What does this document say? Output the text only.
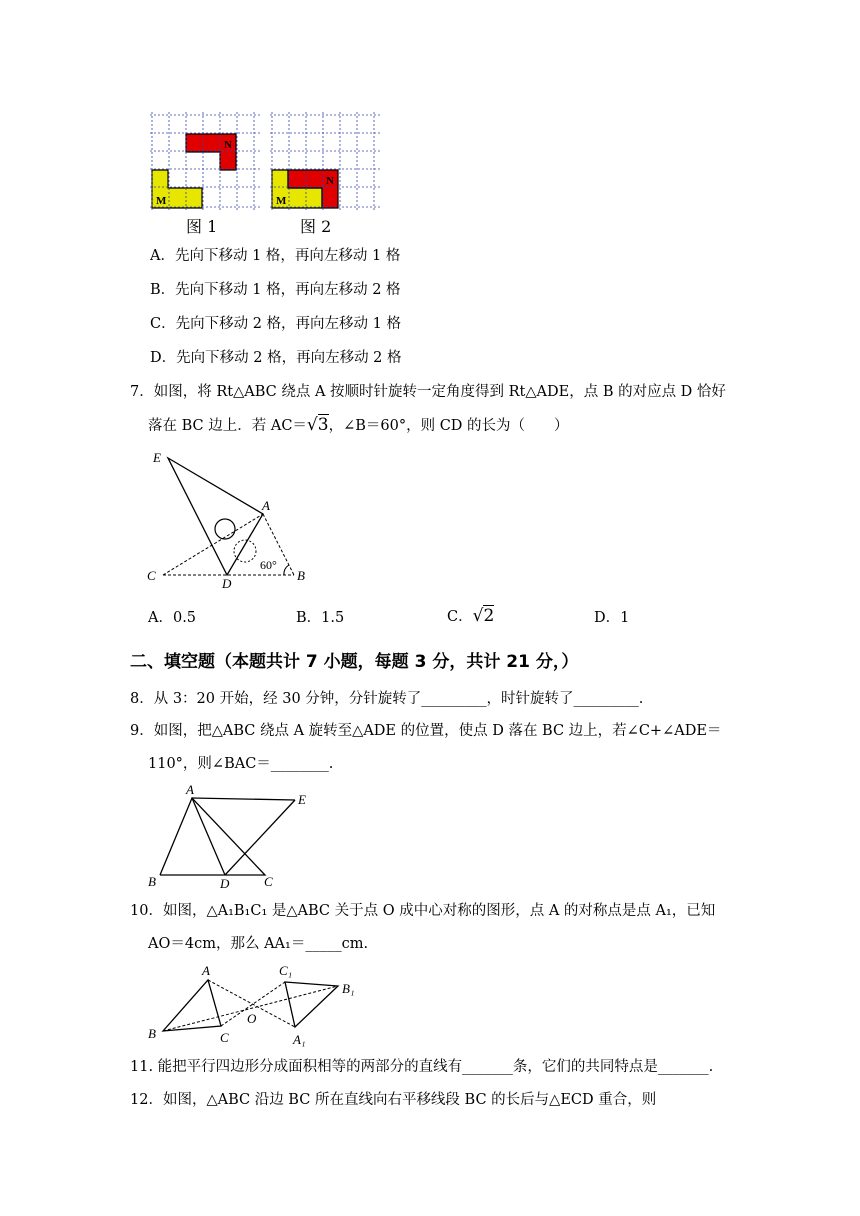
M
N
图 1
M
N
图 2
A．先向下移动 1 格，再向左移动 1 格
B．先向下移动 1 格，再向左移动 2 格
C．先向下移动 2 格，再向左移动 1 格
D．先向下移动 2 格，再向左移动 2 格
7．如图，将 Rt△ABC 绕点 A 按顺时针旋转一定角度得到 Rt△ADE，点 B 的对应点 D 恰好
落在 BC 边上．若 AC＝√3，∠B＝60°，则 CD 的长为（　　）
E
A
C
D
B
60°
A．0.5	B．1.5	C．√2	D．1
二、填空题（本题共计 7 小题，每题 3 分，共计 21 分，）
8．从 3：20 开始，经 30 分钟，分针旋转了_________，时针旋转了_________.
9．如图，把△ABC 绕点 A 旋转至△ADE 的位置，使点 D 落在 BC 边上，若∠C+∠ADE＝
110°，则∠BAC＝________.
A
E
B	D	C
10．如图，△A₁B₁C₁ 是△ABC 关于点 O 成中心对称的图形，点 A 的对称点是点 A₁，已知
AO＝4cm，那么 AA₁＝_____cm.
A
B	C
O
C₁
B₁
A₁
11. 能把平行四边形分成面积相等的两部分的直线有_______条，它们的共同特点是_______.
12．如图，△ABC 沿边 BC 所在直线向右平移线段 BC 的长后与△ECD 重合，则
